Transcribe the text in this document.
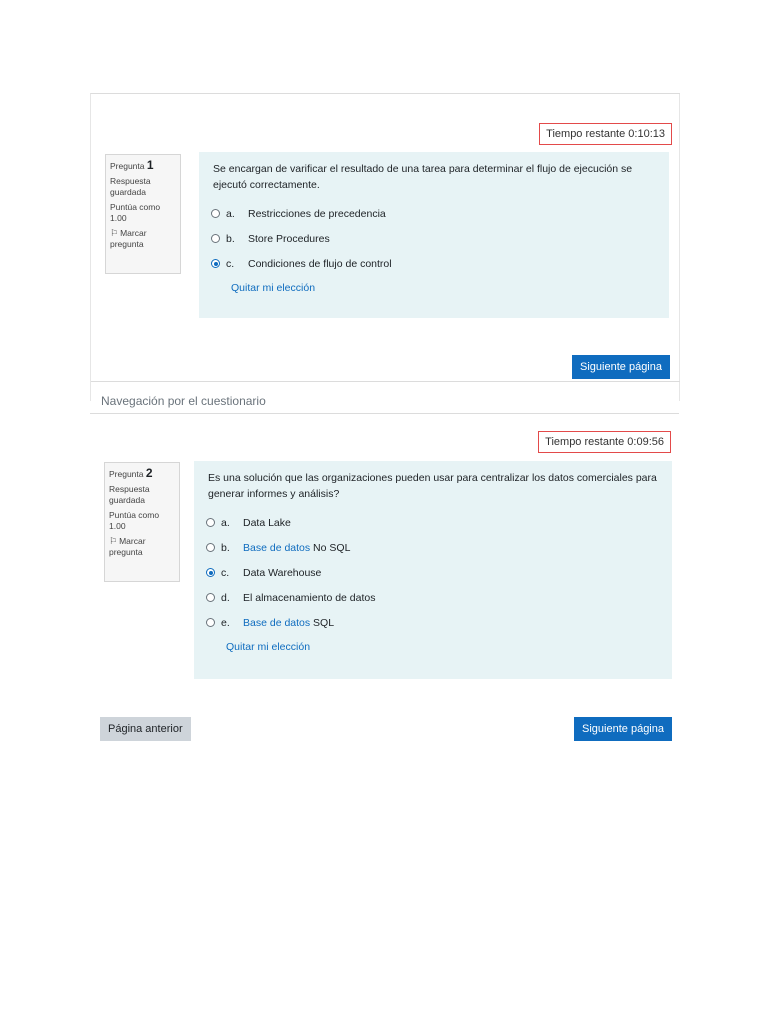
Tiempo restante 0:10:13
Pregunta 1
Respuesta guardada
Puntúa como 1.00
⚐ Marcar pregunta
Se encargan de varificar el resultado de una tarea para determinar el flujo de ejecución se ejecutó correctamente.
a.	Restricciones de precedencia
b.	Store Procedures
c.	Condiciones de flujo de control
Quitar mi elección
Siguiente página
Navegación por el cuestionario
Tiempo restante 0:09:56
Pregunta 2
Respuesta guardada
Puntúa como 1.00
⚐ Marcar pregunta
Es una solución que las organizaciones pueden usar para centralizar los datos comerciales para generar informes y análisis?
a.	Data Lake
b.	Base de datos No SQL
c.	Data Warehouse
d.	El almacenamiento de datos
e.	Base de datos SQL
Quitar mi elección
Página anterior	Siguiente página
